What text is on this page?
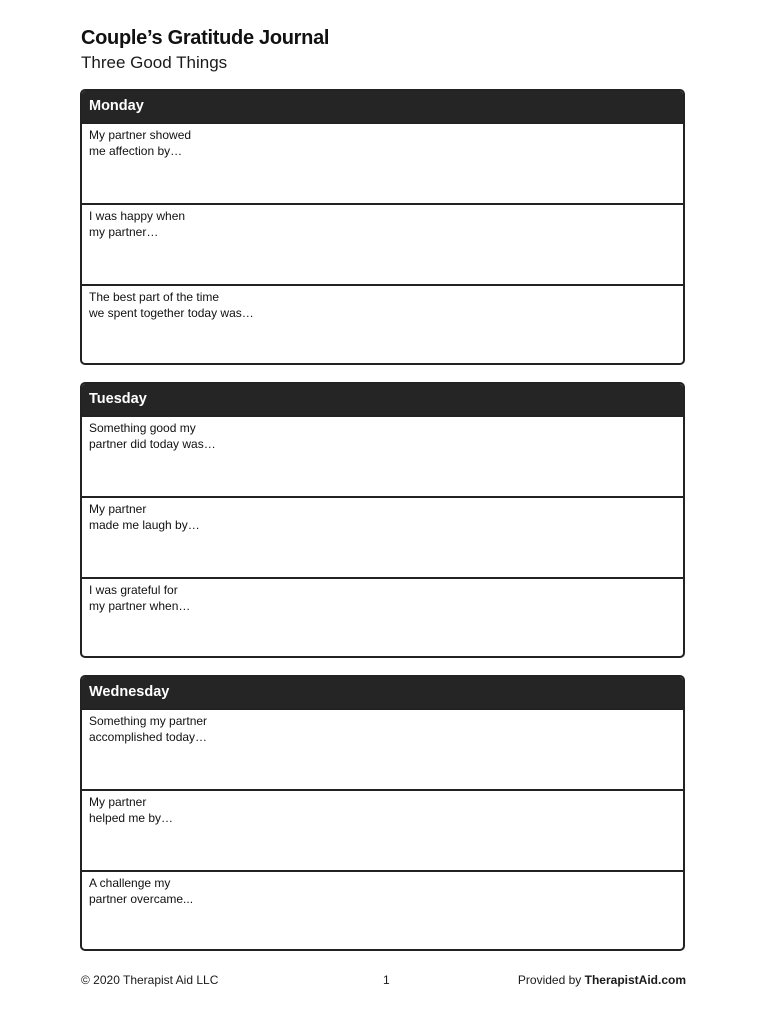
Couple’s Gratitude Journal

Three Good Things

Monday
My partner showed
me affection by…
I was happy when
my partner…
The best part of the time
we spent together today was…
Tuesday
Something good my
partner did today was…
My partner
made me laugh by…
I was grateful for
my partner when…
Wednesday
Something my partner
accomplished today…
My partner
helped me by…
A challenge my
partner overcame...
© 2020 Therapist Aid LLC	1	Provided by TherapistAid.com
